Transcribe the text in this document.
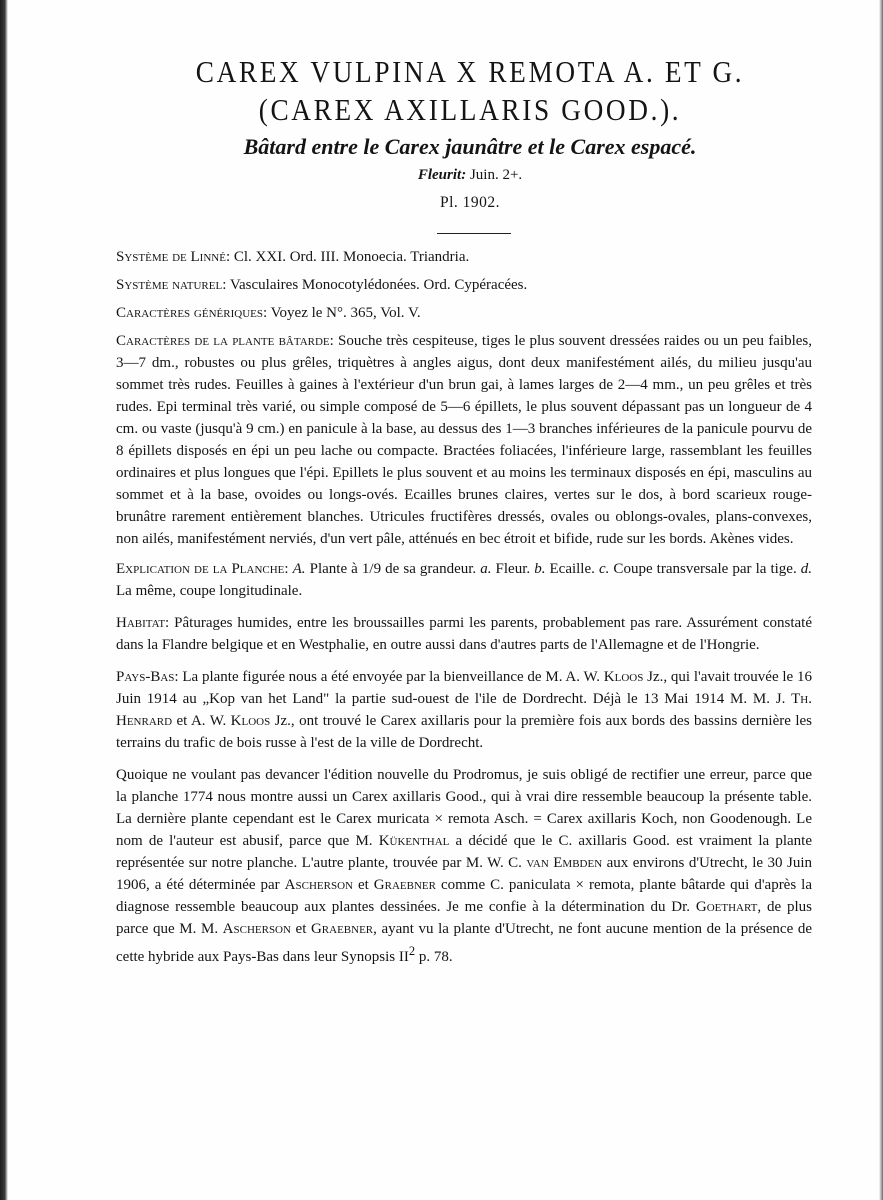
CAREX VULPINA X REMOTA A. ET G.
(CAREX AXILLARIS GOOD.).
Bâtard entre le Carex jaunâtre et le Carex espacé.
Fleurit: Juin. 2+.
Pl. 1902.

Système de Linné: Cl. XXI. Ord. III. Monoecia. Triandria.

Système naturel: Vasculaires Monocotylédonées. Ord. Cypéracées.

Caractères génériques: Voyez le N°. 365, Vol. V.

Caractères de la plante bâtarde: Souche très cespiteuse, tiges le plus souvent dressées raides ou un peu faibles, 3—7 dm., robustes ou plus grêles, triquètres à angles aigus, dont deux manifestément ailés, du milieu jusqu'au sommet très rudes. Feuilles à gaines à l'extérieur d'un brun gai, à lames larges de 2—4 mm., un peu grêles et très rudes. Epi terminal très varié, ou simple composé de 5—6 épillets, le plus souvent dépassant pas un longueur de 4 cm. ou vaste (jusqu'à 9 cm.) en panicule à la base, au dessus des 1—3 branches inférieures de la panicule pourvu de 8 épillets disposés en épi un peu lache ou compacte. Bractées foliacées, l'inférieure large, rassemblant les feuilles ordinaires et plus longues que l'épi. Epillets le plus souvent et au moins les terminaux disposés en épi, masculins au sommet et à la base, ovoides ou longs-ovés. Ecailles brunes claires, vertes sur le dos, à bord scarieux rouge-brunâtre rarement entièrement blanches. Utricules fructifères dressés, ovales ou oblongs-ovales, plans-convexes, non ailés, manifestément nerviés, d'un vert pâle, atténués en bec étroit et bifide, rude sur les bords. Akènes vides.

Explication de la Planche: A. Plante à 1/9 de sa grandeur. a. Fleur. b. Ecaille. c. Coupe transversale par la tige. d. La même, coupe longitudinale.

Habitat: Pâturages humides, entre les broussailles parmi les parents, probablement pas rare. Assurément constaté dans la Flandre belgique et en Westphalie, en outre aussi dans d'autres parts de l'Allemagne et de l'Hongrie.

Pays-Bas: La plante figurée nous a été envoyée par la bienveillance de M. A. W. Kloos Jz., qui l'avait trouvée le 16 Juin 1914 au „Kop van het Land" la partie sud-ouest de l'ile de Dordrecht. Déjà le 13 Mai 1914 M. M. J. Th. Henrard et A. W. Kloos Jz., ont trouvé le Carex axillaris pour la première fois aux bords des bassins dernière les terrains du trafic de bois russe à l'est de la ville de Dordrecht.

Quoique ne voulant pas devancer l'édition nouvelle du Prodromus, je suis obligé de rectifier une erreur, parce que la planche 1774 nous montre aussi un Carex axillaris Good., qui à vrai dire ressemble beaucoup la présente table. La dernière plante cependant est le Carex muricata × remota Asch. = Carex axillaris Koch, non Goodenough. Le nom de l'auteur est abusif, parce que M. Kükenthal a décidé que le C. axillaris Good. est vraiment la plante représentée sur notre planche. L'autre plante, trouvée par M. W. C. van Embden aux environs d'Utrecht, le 30 Juin 1906, a été déterminée par Ascherson et Graebner comme C. paniculata × remota, plante bâtarde qui d'après la diagnose ressemble beaucoup aux plantes dessinées. Je me confie à la détermination du Dr. Goethart, de plus parce que M. M. Ascherson et Graebner, ayant vu la plante d'Utrecht, ne font aucune mention de la présence de cette hybride aux Pays-Bas dans leur Synopsis $II^2$ p. 78.
